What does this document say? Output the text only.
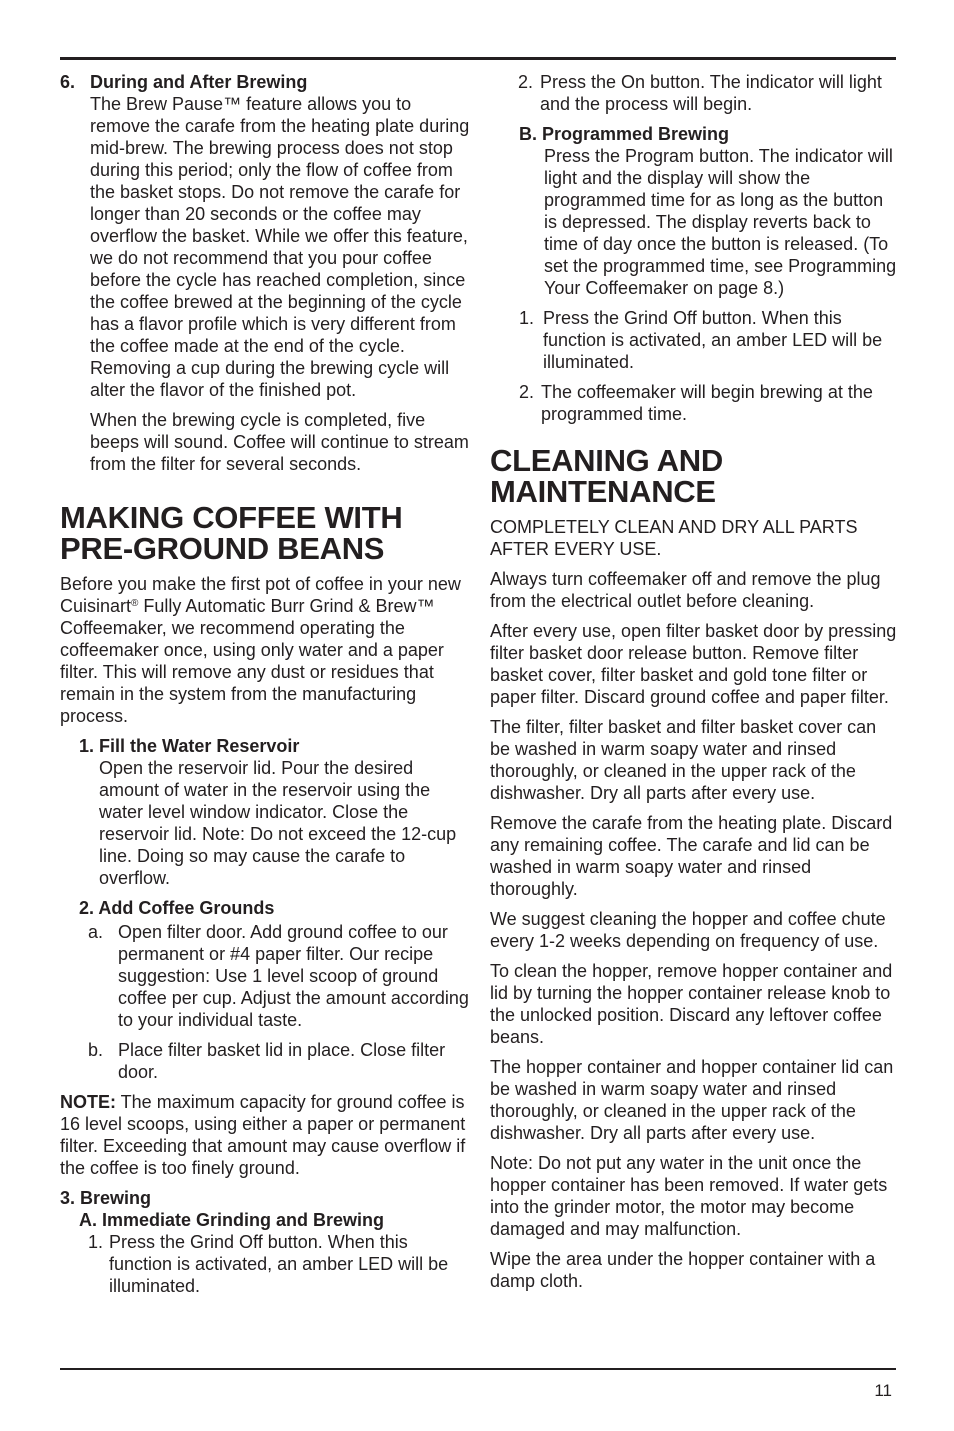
6. During and After Brewing

The Brew Pause™ feature allows you to remove the carafe from the heating plate during mid-brew. The brewing process does not stop during this period; only the flow of coffee from the basket stops. Do not remove the carafe for longer than 20 seconds or the coffee may overflow the basket. While we offer this feature, we do not recommend that you pour coffee before the cycle has reached completion, since the coffee brewed at the beginning of the cycle has a flavor profile which is very different from the coffee made at the end of the cycle. Removing a cup during the brewing cycle will alter the flavor of the finished pot.

When the brewing cycle is completed, five beeps will sound. Coffee will continue to stream from the filter for several seconds.

MAKING COFFEE WITH PRE-GROUND BEANS

Before you make the first pot of coffee in your new Cuisinart® Fully Automatic Burr Grind & Brew™ Coffeemaker, we recommend operating the coffeemaker once, using only water and a paper filter. This will remove any dust or residues that remain in the system from the manufacturing process.

1. Fill the Water Reservoir

Open the reservoir lid. Pour the desired amount of water in the reservoir using the water level window indicator. Close the reservoir lid. Note: Do not exceed the 12-cup line. Doing so may cause the carafe to overflow.

2. Add Coffee Grounds

a. Open filter door. Add ground coffee to our permanent or #4 paper filter. Our recipe suggestion: Use 1 level scoop of ground coffee per cup. Adjust the amount according to your individual taste.
b. Place filter basket lid in place. Close filter door.

NOTE: The maximum capacity for ground coffee is 16 level scoops, using either a paper or permanent filter. Exceeding that amount may cause overflow if the coffee is too finely ground.

3. Brewing

A. Immediate Grinding and Brewing

1. Press the Grind Off button. When this function is activated, an amber LED will be illuminated.
2. Press the On button. The indicator will light and the process will begin.

B. Programmed Brewing

Press the Program button. The indicator will light and the display will show the programmed time for as long as the button is depressed. The display reverts back to time of day once the button is released. (To set the programmed time, see Programming Your Coffeemaker on page 8.)

1. Press the Grind Off button. When this function is activated, an amber LED will be illuminated.
2. The coffeemaker will begin brewing at the programmed time.
CLEANING AND MAINTENANCE

COMPLETELY CLEAN AND DRY ALL PARTS AFTER EVERY USE.

Always turn coffeemaker off and remove the plug from the electrical outlet before cleaning.

After every use, open filter basket door by pressing filter basket door release button. Remove filter basket cover, filter basket and gold tone filter or paper filter. Discard ground coffee and paper filter.

The filter, filter basket and filter basket cover can be washed in warm soapy water and rinsed thoroughly, or cleaned in the upper rack of the dishwasher. Dry all parts after every use.

Remove the carafe from the heating plate. Discard any remaining coffee. The carafe and lid can be washed in warm soapy water and rinsed thoroughly.

We suggest cleaning the hopper and coffee chute every 1-2 weeks depending on frequency of use.

To clean the hopper, remove hopper container and lid by turning the hopper container release knob to the unlocked position. Discard any leftover coffee beans.

The hopper container and hopper container lid can be washed in warm soapy water and rinsed thoroughly, or cleaned in the upper rack of the dishwasher. Dry all parts after every use.

Note: Do not put any water in the unit once the hopper container has been removed. If water gets into the grinder motor, the motor may become damaged and may malfunction.

Wipe the area under the hopper container with a damp cloth.

11
